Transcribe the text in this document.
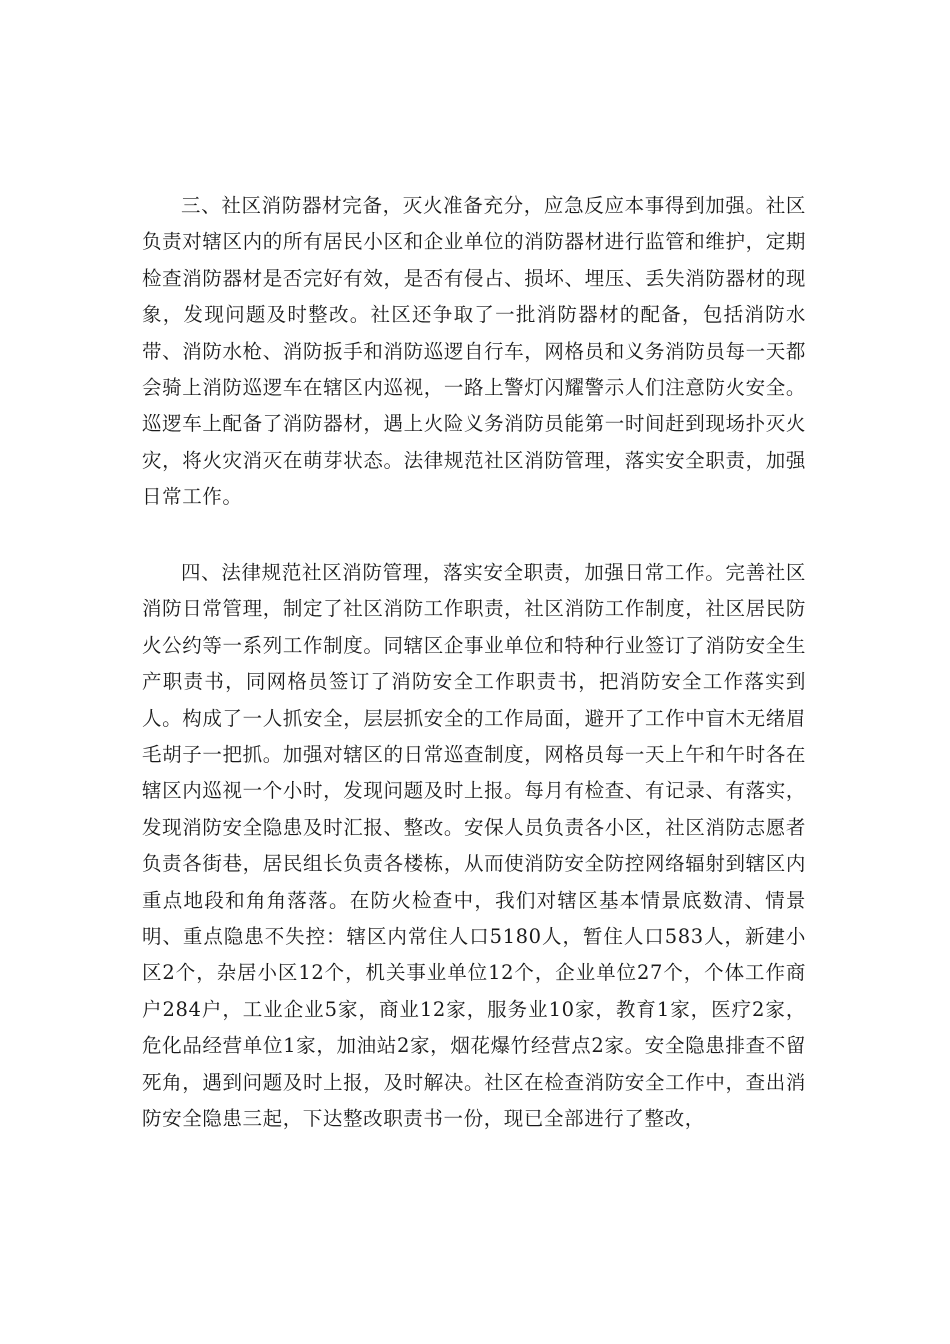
三、社区消防器材完备，灭火准备充分，应急反应本事得到加强。社区负责对辖区内的所有居民小区和企业单位的消防器材进行监管和维护，定期检查消防器材是否完好有效，是否有侵占、损坏、埋压、丢失消防器材的现象，发现问题及时整改。社区还争取了一批消防器材的配备，包括消防水带、消防水枪、消防扳手和消防巡逻自行车，网格员和义务消防员每一天都会骑上消防巡逻车在辖区内巡视，一路上警灯闪耀警示人们注意防火安全。巡逻车上配备了消防器材，遇上火险义务消防员能第一时间赶到现场扑灭火灾，将火灾消灭在萌芽状态。法律规范社区消防管理，落实安全职责，加强日常工作。

四、法律规范社区消防管理，落实安全职责，加强日常工作。完善社区消防日常管理，制定了社区消防工作职责，社区消防工作制度，社区居民防火公约等一系列工作制度。同辖区企事业单位和特种行业签订了消防安全生产职责书，同网格员签订了消防安全工作职责书，把消防安全工作落实到人。构成了一人抓安全，层层抓安全的工作局面，避开了工作中盲木无绪眉毛胡子一把抓。加强对辖区的日常巡查制度，网格员每一天上午和午时各在辖区内巡视一个小时，发现问题及时上报。每月有检查、有记录、有落实，发现消防安全隐患及时汇报、整改。安保人员负责各小区，社区消防志愿者负责各街巷，居民组长负责各楼栋，从而使消防安全防控网络辐射到辖区内重点地段和角角落落。在防火检查中，我们对辖区基本情景底数清、情景明、重点隐患不失控：辖区内常住人口5180人，暂住人口583人，新建小区2个，杂居小区12个，机关事业单位12个，企业单位27个，个体工作商户284户，工业企业5家，商业12家，服务业10家，教育1家，医疗2家，危化品经营单位1家，加油站2家，烟花爆竹经营点2家。安全隐患排查不留死角，遇到问题及时上报，及时解决。社区在检查消防安全工作中，查出消防安全隐患三起，下达整改职责书一份，现已全部进行了整改，
